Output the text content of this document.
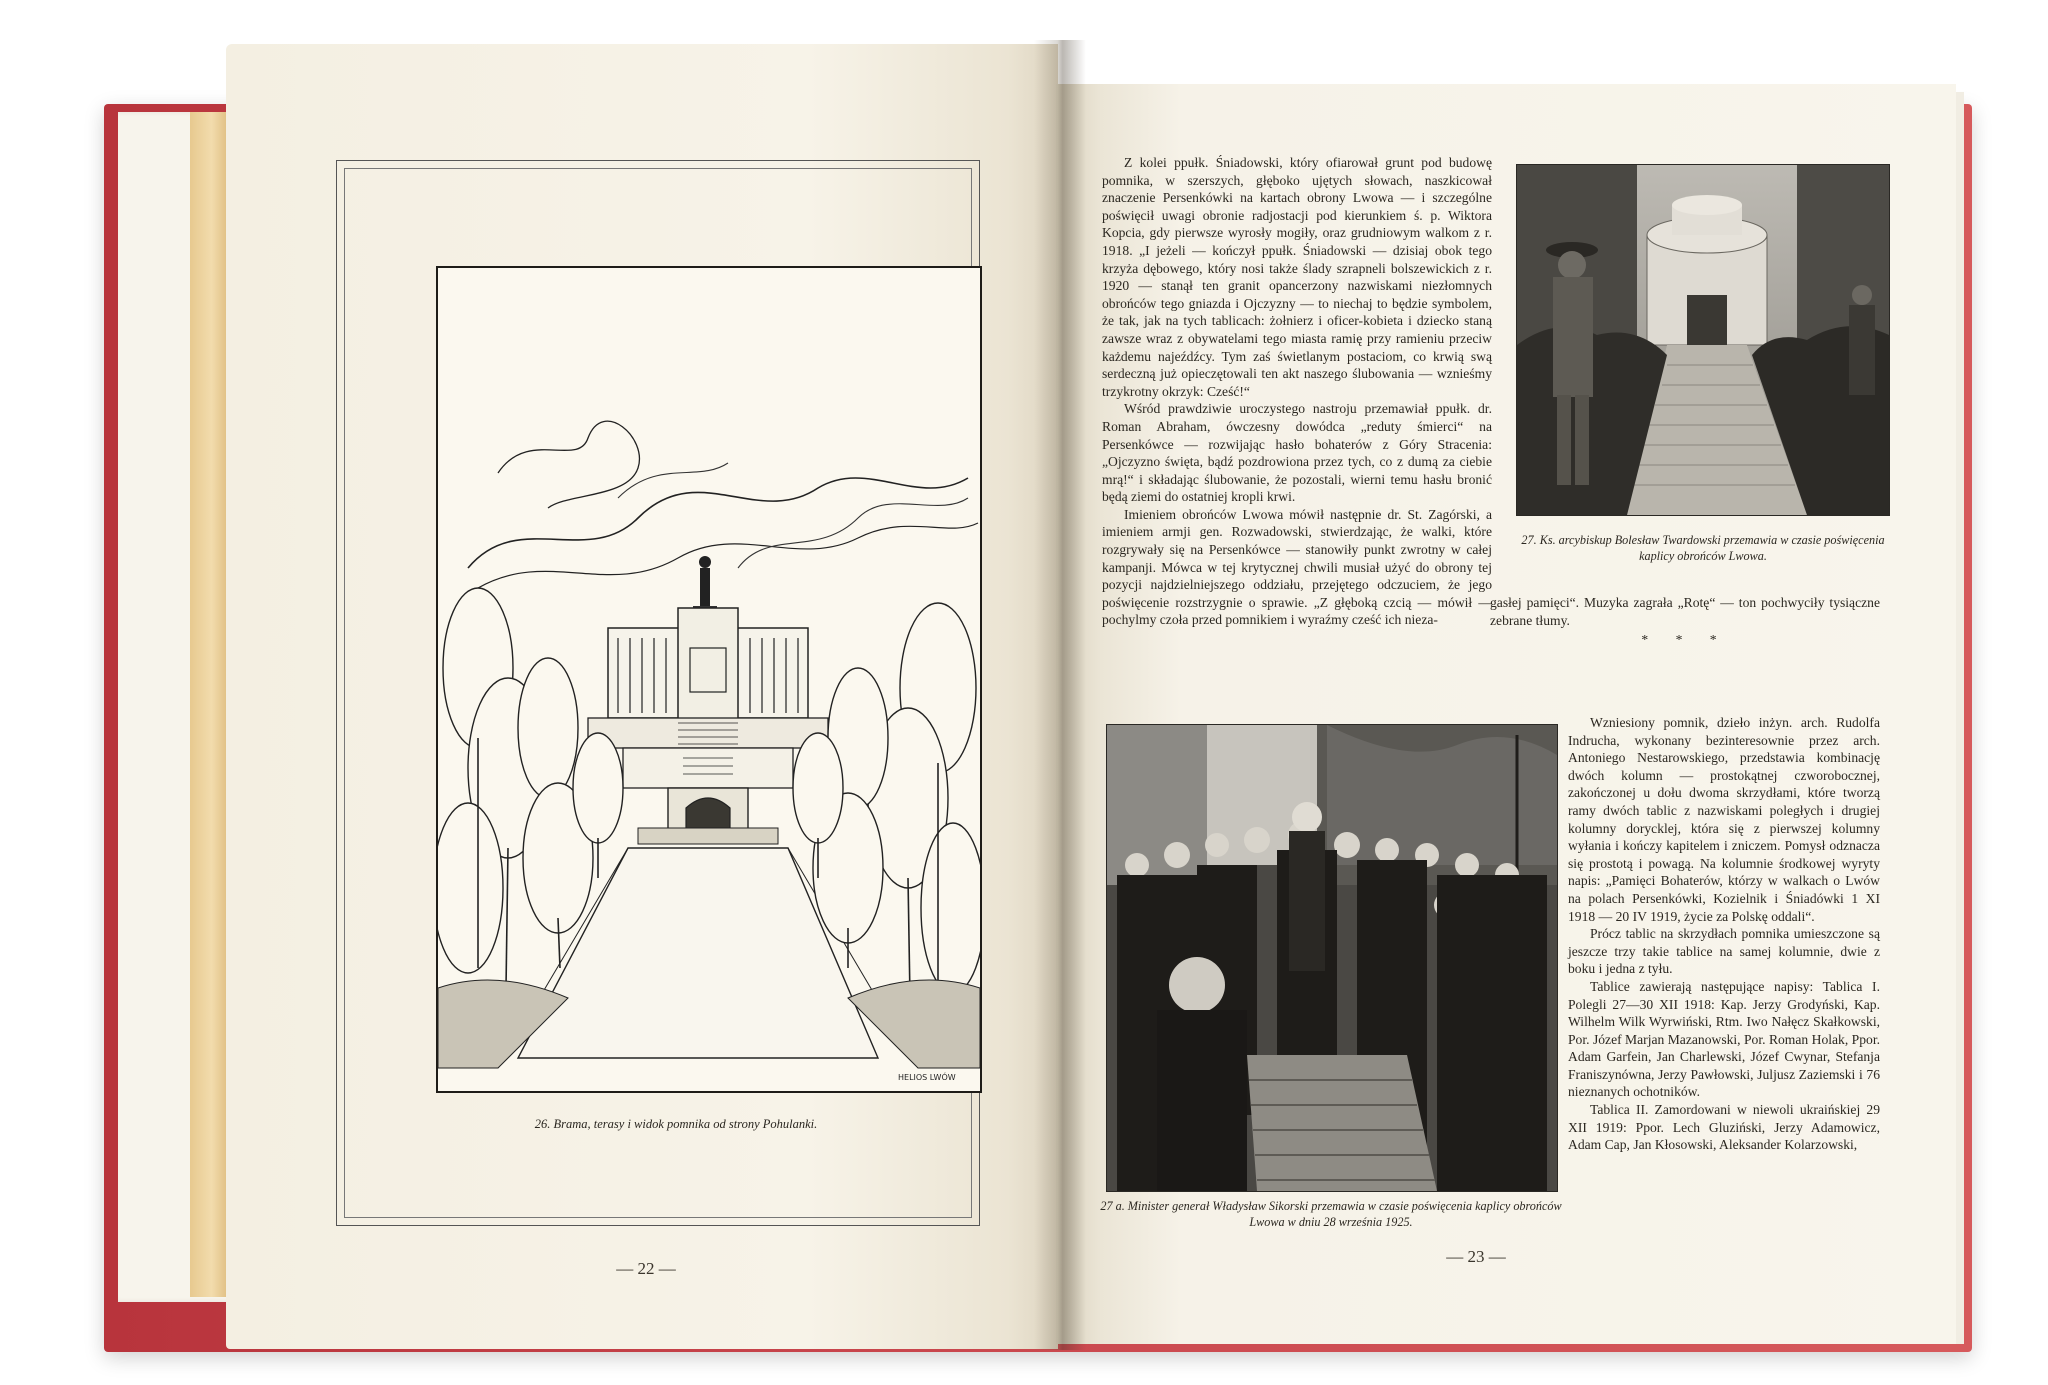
HELIOS LWÓW
26. Brama, terasy i widok pomnika od strony Pohulanki.
— 22 —

Z kolei ppułk. Śniadowski, który ofiarował grunt pod budowę pomnika, w szerszych, głęboko ujętych słowach, naszkicował znaczenie Persenkówki na kartach obrony Lwowa — i szczególne poświęcił uwagi obronie radjostacji pod kierunkiem ś. p. Wiktora Kopcia, gdy pierwsze wyrosły mogiły, oraz grudniowym walkom z r. 1918. „I jeżeli — kończył ppułk. Śniadowski — dzisiaj obok tego krzyża dębowego, który nosi także ślady szrapneli bolszewickich z r. 1920 — stanął ten granit opancerzony nazwiskami niezłomnych obrońców tego gniazda i Ojczyzny — to niechaj to będzie symbolem, że tak, jak na tych tablicach: żołnierz i oficer-kobieta i dziecko staną zawsze wraz z obywatelami tego miasta ramię przy ramieniu przeciw każdemu najeźdźcy. Tym zaś świetlanym postaciom, co krwią swą serdeczną już opieczętowali ten akt naszego ślubowania — wznieśmy trzykrotny okrzyk: Cześć!“

Wśród prawdziwie uroczystego nastroju przemawiał ppułk. dr. Roman Abraham, ówczesny dowódca „reduty śmierci“ na Persenkówce — rozwijając hasło bohaterów z Góry Stracenia: „Ojczyzno święta, bądź pozdrowiona przez tych, co z dumą za ciebie mrą!“ i składając ślubowanie, że pozostali, wierni temu hasłu bronić będą ziemi do ostatniej kropli krwi.

Imieniem obrońców Lwowa mówił następnie dr. St. Zagórski, a imieniem armji gen. Rozwadowski, stwierdzając, że walki, które rozgrywały się na Persenkówce — stanowiły punkt zwrotny w całej kampanji. Mówca w tej krytycznej chwili musiał użyć do obrony tej pozycji najdzielniejszego oddziału, przejętego odczuciem, że jego poświęcenie rozstrzygnie o sprawie. „Z głęboką czcią — mówił — pochylmy czoła przed pomnikiem i wyraźmy cześć ich nieza-

27. Ks. arcybiskup Bolesław Twardowski przemawia w czasie poświęcenia kaplicy obrońców Lwowa.

gasłej pamięci“. Muzyka zagrała „Rotę“ — ton pochwyciły tysiączne zebrane tłumy.

* * *
27 a. Minister generał Władysław Sikorski przemawia w czasie poświęcenia kaplicy obrońców Lwowa w dniu 28 września 1925.

Wzniesiony pomnik, dzieło inżyn. arch. Rudolfa Indrucha, wykonany bezinteresownie przez arch. Antoniego Nestarowskiego, przedstawia kombinację dwóch kolumn — prostokątnej czworobocznej, zakończonej u dołu dwoma skrzydłami, które tworzą ramy dwóch tablic z nazwiskami poległych i drugiej kolumny dorycklej, która się z pierwszej kolumny wyłania i kończy kapitelem i zniczem. Pomysł odznacza się prostotą i powagą. Na kolumnie środkowej wyryty napis: „Pamięci Bohaterów, którzy w walkach o Lwów na polach Persenkówki, Kozielnik i Śniadówki 1 XI 1918 — 20 IV 1919, życie za Polskę oddali“.

Prócz tablic na skrzydłach pomnika umieszczone są jeszcze trzy takie tablice na samej kolumnie, dwie z boku i jedna z tyłu.

Tablice zawierają następujące napisy: Tablica I. Polegli 27—30 XII 1918: Kap. Jerzy Grodyński, Kap. Wilhelm Wilk Wyrwiński, Rtm. Iwo Nałęcz Skałkowski, Por. Józef Marjan Mazanowski, Por. Roman Holak, Ppor. Adam Garfein, Jan Charlewski, Józef Cwynar, Stefanja Franiszynówna, Jerzy Pawłowski, Juljusz Zaziemski i 76 nieznanych ochotników.

Tablica II. Zamordowani w niewoli ukraińskiej 29 XII 1919: Ppor. Lech Gluziński, Jerzy Adamowicz, Adam Cap, Jan Kłosowski, Aleksander Kolarzowski,

— 23 —
